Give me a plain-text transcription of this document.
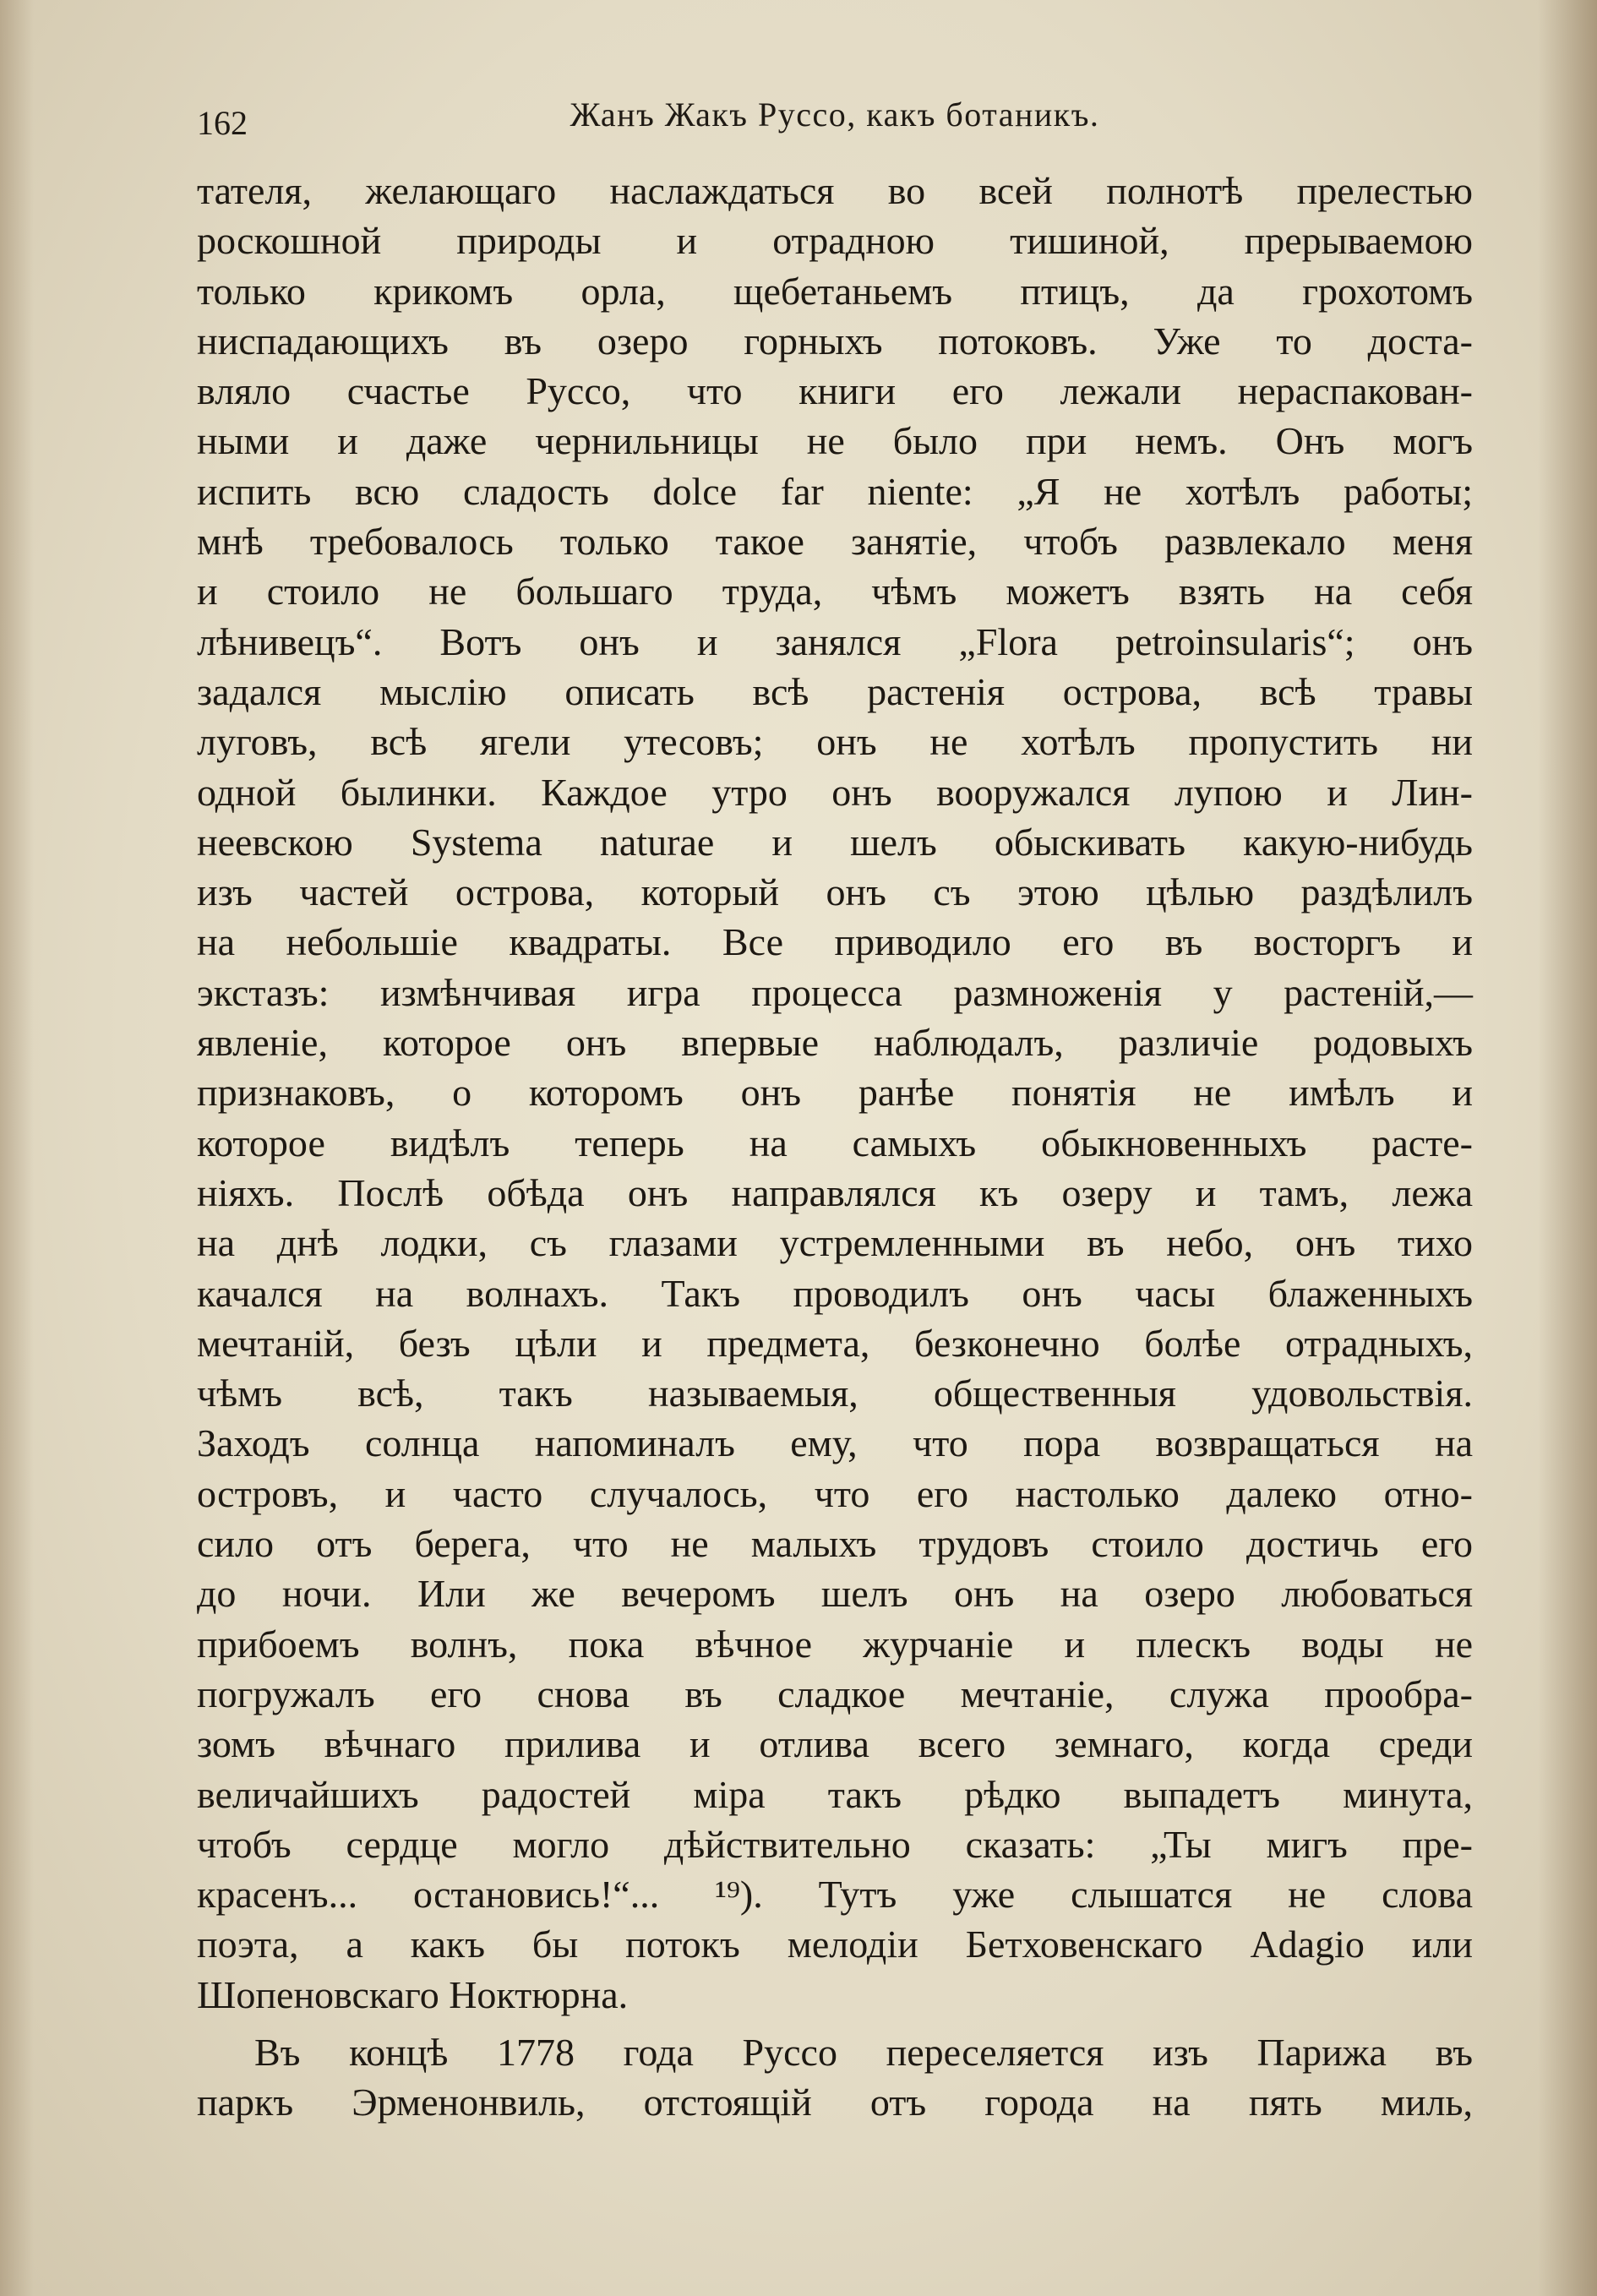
162	Жанъ Жакъ Руссо, какъ ботаникъ.
тателя, желающаго наслаждаться во всей полнотѣ прелестью
роскошной природы и отрадною тишиной, прерываемою
только крикомъ орла, щебетаньемъ птицъ, да грохотомъ
ниспадающихъ въ озеро горныхъ потоковъ. Уже то доста-
вляло счастье Руссо, что книги его лежали нераспакован-
ными и даже чернильницы не было при немъ. Онъ могъ
испить всю сладость dolce far niente: „Я не хотѣлъ работы;
мнѣ требовалось только такое занятіе, чтобъ развлекало меня
и стоило не большаго труда, чѣмъ можетъ взять на себя
лѣнивецъ“. Вотъ онъ и занялся „Flora petroinsularis“; онъ
задался мыслію описать всѣ растенія острова, всѣ травы
луговъ, всѣ ягели утесовъ; онъ не хотѣлъ пропустить ни
одной былинки. Каждое утро онъ вооружался лупою и Лин-
неевскою Systema naturae и шелъ обыскивать какую-нибудь
изъ частей острова, который онъ съ этою цѣлью раздѣлилъ
на небольшіе квадраты. Все приводило его въ восторгъ и
экстазъ: измѣнчивая игра процесса размноженія у растеній,—
явленіе, которое онъ впервые наблюдалъ, различіе родовыхъ
признаковъ, о которомъ онъ ранѣе понятія не имѣлъ и
которое видѣлъ теперь на самыхъ обыкновенныхъ расте-
ніяхъ. Послѣ обѣда онъ направлялся къ озеру и тамъ, лежа
на днѣ лодки, съ глазами устремленными въ небо, онъ тихо
качался на волнахъ. Такъ проводилъ онъ часы блаженныхъ
мечтаній, безъ цѣли и предмета, безконечно болѣе отрадныхъ,
чѣмъ всѣ, такъ называемыя, общественныя удовольствія.
Заходъ солнца напоминалъ ему, что пора возвращаться на
островъ, и часто случалось, что его настолько далеко отно-
сило отъ берега, что не малыхъ трудовъ стоило достичь его
до ночи. Или же вечеромъ шелъ онъ на озеро любоваться
прибоемъ волнъ, пока вѣчное журчаніе и плескъ воды не
погружалъ его снова въ сладкое мечтаніе, служа прообра-
зомъ вѣчнаго прилива и отлива всего земнаго, когда среди
величайшихъ радостей міра такъ рѣдко выпадетъ минута,
чтобъ сердце могло дѣйствительно сказать: „Ты мигъ пре-
красенъ... остановись!“... ¹⁹). Тутъ уже слышатся не слова
поэта, а какъ бы потокъ мелодіи Бетховенскаго Adagio или
Шопеновскаго Ноктюрна.
Въ концѣ 1778 года Руссо переселяется изъ Парижа въ
паркъ Эрменонвиль, отстоящій отъ города на пять миль,
